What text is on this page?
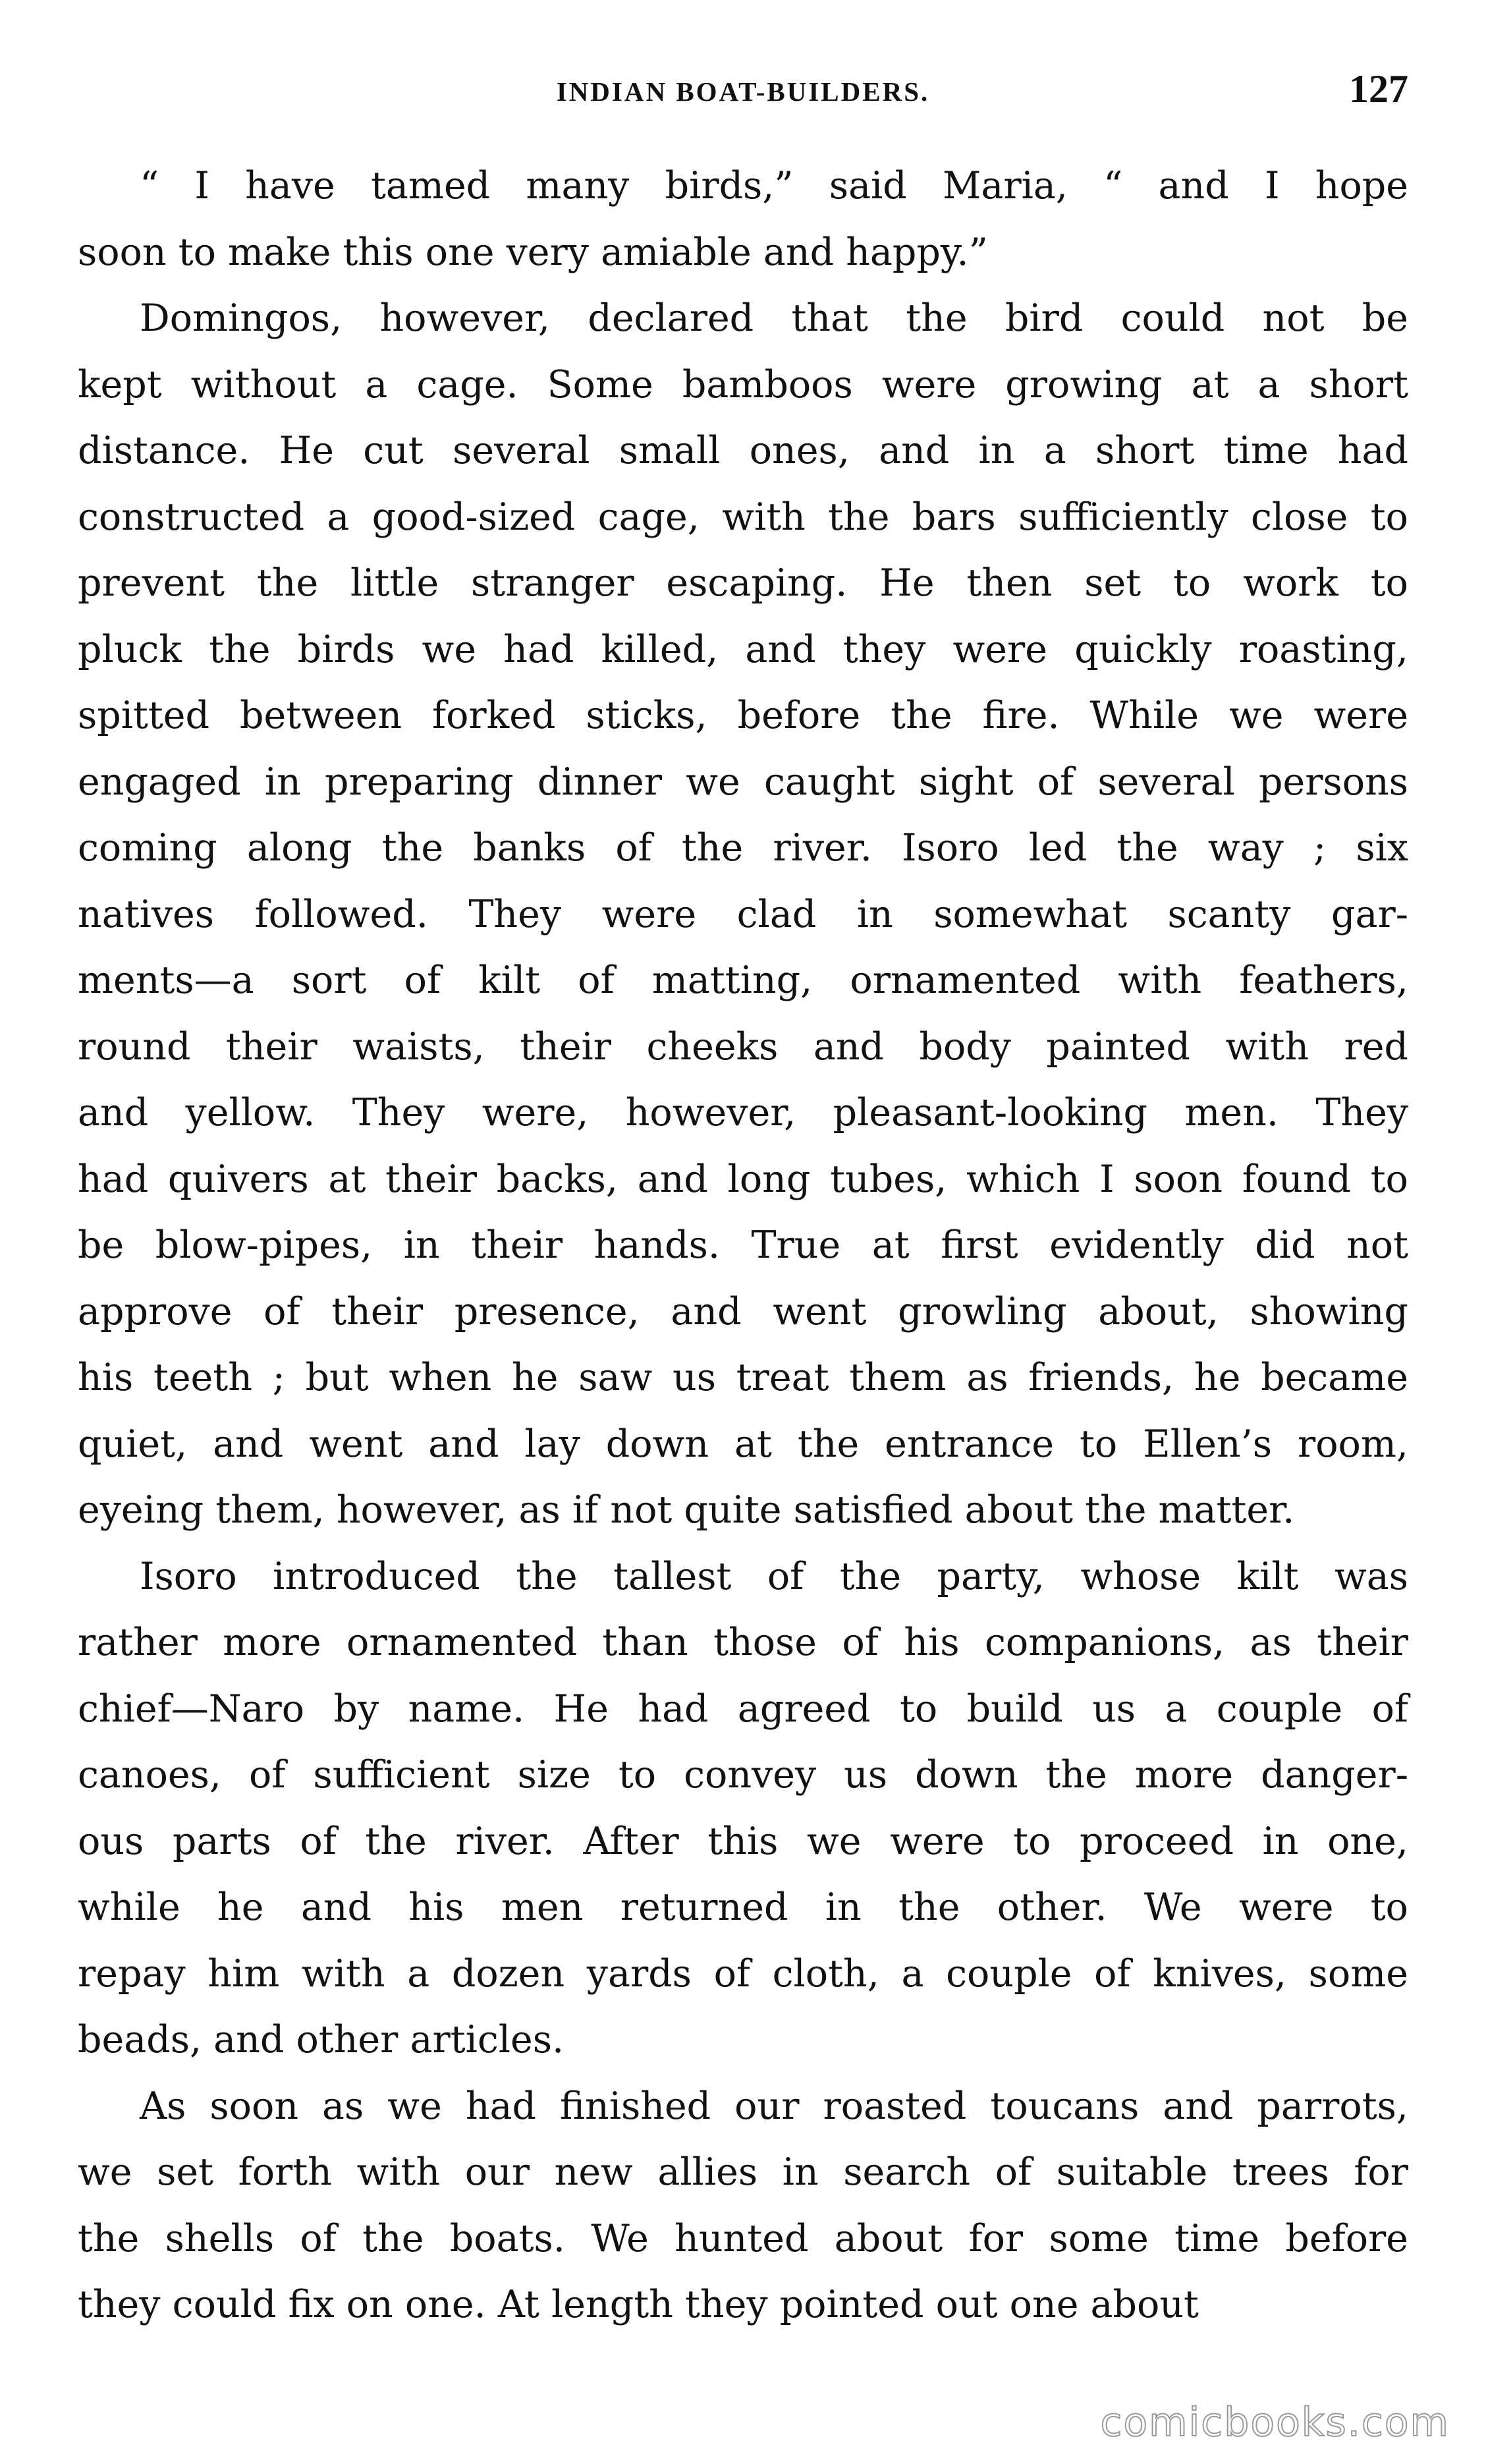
INDIAN BOAT-BUILDERS.	127
“ I have tamed many birds,” said Maria, “ and I hope
soon to make this one very amiable and happy.”
Domingos, however, declared that the bird could not be
kept without a cage. Some bamboos were growing at a short
distance. He cut several small ones, and in a short time had
constructed a good-sized cage, with the bars sufficiently close to
prevent the little stranger escaping. He then set to work to
pluck the birds we had killed, and they were quickly roasting,
spitted between forked sticks, before the fire. While we were
engaged in preparing dinner we caught sight of several persons
coming along the banks of the river. Isoro led the way ; six
natives followed. They were clad in somewhat scanty gar-
ments—a sort of kilt of matting, ornamented with feathers,
round their waists, their cheeks and body painted with red
and yellow. They were, however, pleasant-looking men. They
had quivers at their backs, and long tubes, which I soon found to
be blow-pipes, in their hands. True at first evidently did not
approve of their presence, and went growling about, showing
his teeth ; but when he saw us treat them as friends, he became
quiet, and went and lay down at the entrance to Ellen’s room,
eyeing them, however, as if not quite satisfied about the matter.
Isoro introduced the tallest of the party, whose kilt was
rather more ornamented than those of his companions, as their
chief—Naro by name. He had agreed to build us a couple of
canoes, of sufficient size to convey us down the more danger-
ous parts of the river. After this we were to proceed in one,
while he and his men returned in the other. We were to
repay him with a dozen yards of cloth, a couple of knives, some
beads, and other articles.
As soon as we had finished our roasted toucans and parrots,
we set forth with our new allies in search of suitable trees for
the shells of the boats. We hunted about for some time before
they could fix on one. At length they pointed out one about
comicbooks.com
